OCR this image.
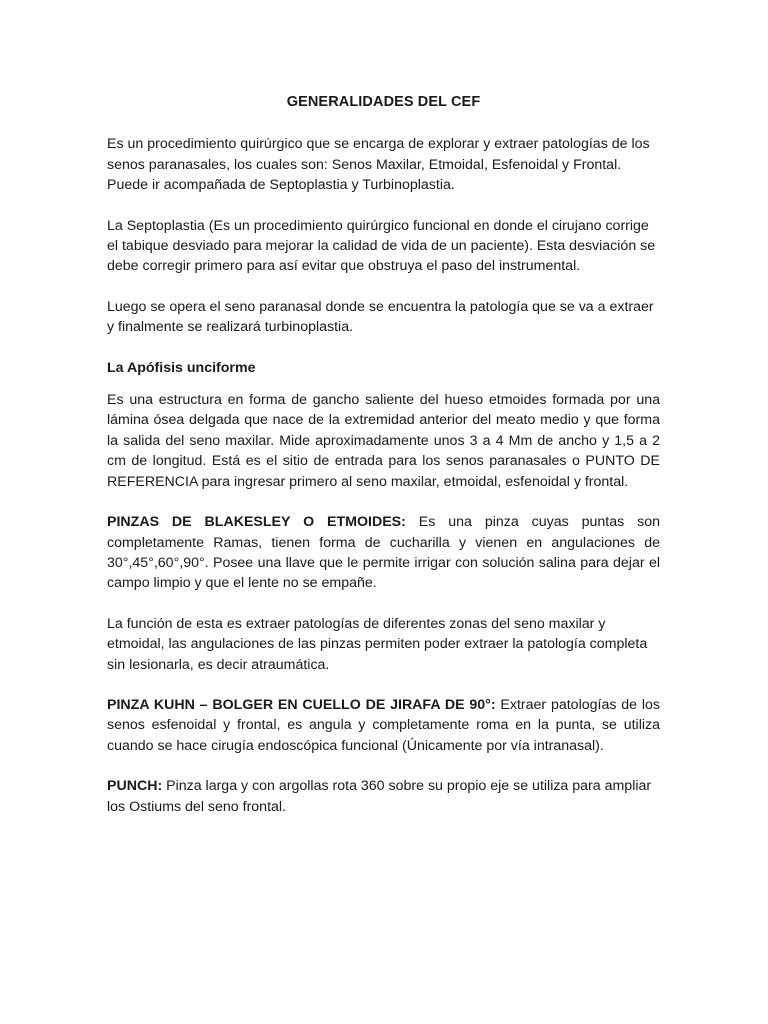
GENERALIDADES DEL CEF

Es un procedimiento quirúrgico que se encarga de explorar y extraer patologías de los senos paranasales, los cuales son: Senos Maxilar, Etmoidal, Esfenoidal y Frontal. Puede ir acompañada de Septoplastia y Turbinoplastia.

La Septoplastia (Es un procedimiento quirúrgico funcional en donde el cirujano corrige el tabique desviado para mejorar la calidad de vida de un paciente). Esta desviación se debe corregir primero para así evitar que obstruya el paso del instrumental.

Luego se opera el seno paranasal donde se encuentra la patología que se va a extraer y finalmente se realizará turbinoplastia.

La Apófisis unciforme

Es una estructura en forma de gancho saliente del hueso etmoides formada por una lámina ósea delgada que nace de la extremidad anterior del meato medio y que forma la salida del seno maxilar. Mide aproximadamente unos 3 a 4 Mm de ancho y 1,5 a 2 cm de longitud. Está es el sitio de entrada para los senos paranasales o PUNTO DE REFERENCIA para ingresar primero al seno maxilar, etmoidal, esfenoidal y frontal.

PINZAS DE BLAKESLEY O ETMOIDES: Es una pinza cuyas puntas son completamente Ramas, tienen forma de cucharilla y vienen en angulaciones de 30°,45°,60°,90°. Posee una llave que le permite irrigar con solución salina para dejar el campo limpio y que el lente no se empañe.

La función de esta es extraer patologías de diferentes zonas del seno maxilar y etmoidal, las angulaciones de las pinzas permiten poder extraer la patología completa sin lesionarla, es decir atraumática.

PINZA KUHN – BOLGER EN CUELLO DE JIRAFA DE 90°: Extraer patologías de los senos esfenoidal y frontal, es angula y completamente roma en la punta, se utiliza cuando se hace cirugía endoscópica funcional (Únicamente por vía intranasal).

PUNCH: Pinza larga y con argollas rota 360 sobre su propio eje se utiliza para ampliar los Ostiums del seno frontal.
